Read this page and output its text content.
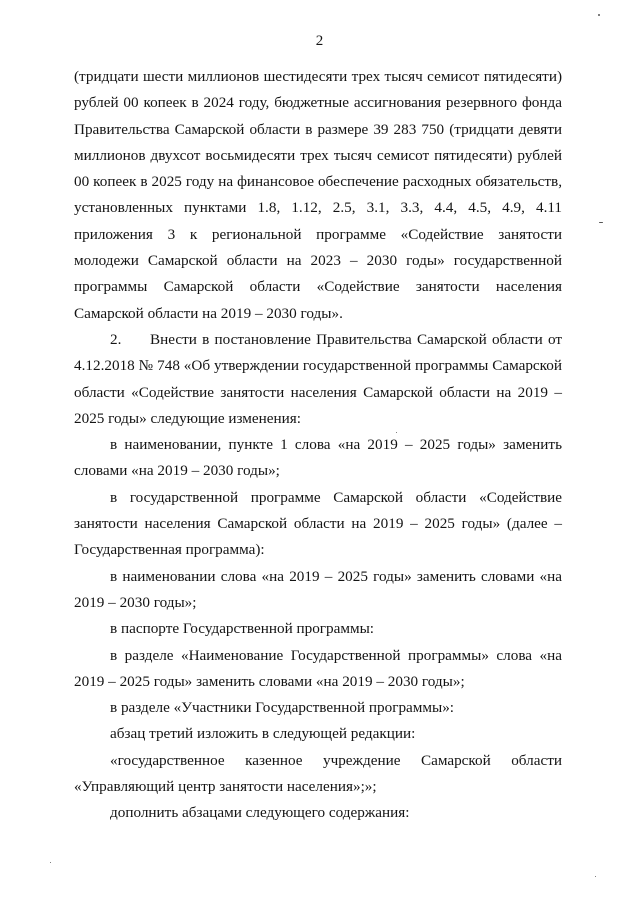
2

(тридцати шести миллионов шестидесяти трех тысяч семисот пятидесяти) рублей 00 копеек в 2024 году, бюджетные ассигнования резервного фонда Правительства Самарской области в размере 39 283 750 (тридцати девяти миллионов двухсот восьмидесяти трех тысяч семисот пятидесяти) рублей 00 копеек в 2025 году на финансовое обеспечение расходных обязательств, установленных пунктами 1.8, 1.12, 2.5, 3.1, 3.3, 4.4, 4.5, 4.9, 4.11 приложения 3 к региональной программе «Содействие занятости молодежи Самарской области на 2023 – 2030 годы» государственной программы Самарской области «Содействие занятости населения Самарской области на 2019 – 2030 годы».

2. Внести в постановление Правительства Самарской области от 4.12.2018 № 748 «Об утверждении государственной программы Самарской области «Содействие занятости населения Самарской области на 2019 – 2025 годы» следующие изменения:

в наименовании, пункте 1 слова «на 2019 – 2025 годы» заменить словами «на 2019 – 2030 годы»;

в государственной программе Самарской области «Содействие занятости населения Самарской области на 2019 – 2025 годы» (далее – Государственная программа):

в наименовании слова «на 2019 – 2025 годы» заменить словами «на 2019 – 2030 годы»;

в паспорте Государственной программы:

в разделе «Наименование Государственной программы» слова «на 2019 – 2025 годы» заменить словами «на 2019 – 2030 годы»;

в разделе «Участники Государственной программы»:

абзац третий изложить в следующей редакции:

«государственное казенное учреждение Самарской области «Управляющий центр занятости населения»;»;

дополнить абзацами следующего содержания:
